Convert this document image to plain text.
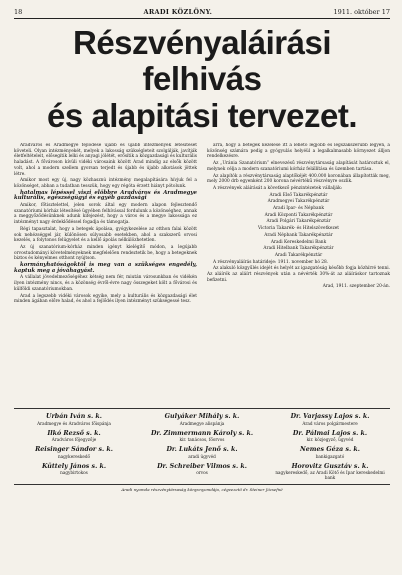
18	ARADI KÖZLÖNY.	1911. október 17
Részvényaláirási felhivás
és alapitási tervezet.

Aradváros és Aradmegye fejlődése újabb és újabb intézmények létesítését követeli. Olyan intézményekét, melyek a lakosság szükségleteit szolgálják, javítják életfeltételeit, elősegítik lelki és anyagi jólétét, erősítik a közgazdasági és kulturális haladást. A fővároson kívüli vidéki városaink között Arad mindig az elsők között volt, ahol a modern szellem gyorsan terjedt és újabb és újabb alkotások jöttek létre.

Amikor most egy új, nagy közhasznú intézmény megalapítására hívjuk fel a közönséget, abban a tudatban tesszük, hogy egy régóta érzett hiányt pótolunk.

hatalmas lépéssel viszi előbbre Aradváros és Aradmegye kulturális, egészségügyi és egyéb gazdasági

Amikor, főtisztelettel, jelen sorok által egy modern alapon fejlesztendő szanatóriumi kórház létesítésé ügyében felhívással fordulunk a közönséghez, annak a meggyőződésünknek adunk kifejezést, hogy a város és a megye lakossága ez intézményt nagy érdeklődéssel fogadja és támogatja.

Régi tapasztalat, hogy a betegek ápolása, gyógykezelése az otthon falai között sok nehézséggel jár, különösen súlyosabb esetekben, ahol a szakszerű orvosi kezelés, a folytonos felügyelet és a kellő ápolás nélkülözhetetlen.

Az új szanatórium-kórház minden igényt kielégítő módon, a legújabb orvostudományi követelményeknek megfelelően rendeztetik be, hogy a betegeknek biztos és kényelmes otthont nyújtson.

kormányhatóságoktól is meg van a szükséges engedély, kaptuk meg a jóváhagyást.

A vállalat jövedelmezőségéhez kétség nem fér, miután városunkban és vidékén ilyen intézmény nincs, és a közönség évről-évre nagy összegeket költ a fővárosi és külföldi szanatóriumokban.

Arad a legszebb vidéki városok egyike, mely a kulturális és közgazdasági élet minden ágában előre halad, és ahol a fejlődés ilyen intézményt szükségessé tesz.

arra, hogy a betegek kezelése itt a lehető legjobb és legszakszerűbb legyen, a közönség számára pedig a gyógyulás helyéül a legalkalmasabb környezet álljon rendelkezésre.

Az „Uránia Szanatórium” elnevezésű részvénytársaság alapítását határoztuk el, melynek célja a modern szanatóriumi kórház felállítása és üzemben tartása.

Az alapítók a részvénytársaság alaptőkéjét 400.000 koronában állapították meg, mely 2000 drb egyenként 200 korona névértékű részvényre oszlik.

A részvények aláírását a következő pénzintézetek vállalják:

Aradi Első Takarékpénztár

Aradmegyei Takarékpénztár

Aradi Ipar- és Népbank

Aradi Központi Takarékpénztár

Aradi Polgári Takarékpénztár

Victoria Takarék- és Hitelszövetkezet

Aradi Népbank Takarékpénztár

Aradi Kereskedelmi Bank

Aradi Hitelbank Takarékpénztár

Aradi Takarékpénztár

A részvényaláírás határideje: 1911. november hó 28.

Az alakuló közgyűlés idejét és helyét az igazgatóság később fogja közhírré tenni. Az aláírók az aláírt részvények után a névérték 30%-át az aláíráskor tartoznak befizetni.

Arad, 1911. szeptember 20-án.

Urbán Iván s. k.
Aradmegye és Aradváros főispánja
Gulyáker Mihály s. k.
Aradmegye alispánja
Dr. Varjassy Lajos s. k.
Arad város polgármestere
Ilkó Rezső s. k.
Aradváros főjegyzője
Dr. Zimmermann Károly s. k.
kir. tanácsos, főorvos
Dr. Pálmai Lajos s. k.
kir. közjegyző, ügyvéd
Reisinger Sándor s. k.
nagykereskedő
Dr. Lukáts Jenő s. k.
aradi ügyvéd
Nemes Géza s. k.
bankigazgató
Küttely János s. k.
nagybirtokos
Dr. Schreiber Vilmos s. k.
orvos
Horovitz Gusztáv s. k.
nagykereskedő, az Aradi Kötő és Ipar kereskedelmi bank
Aradi nyomda részvénytársaság könyvnyomdája, cégvezető dr. Steiner Józsefné
